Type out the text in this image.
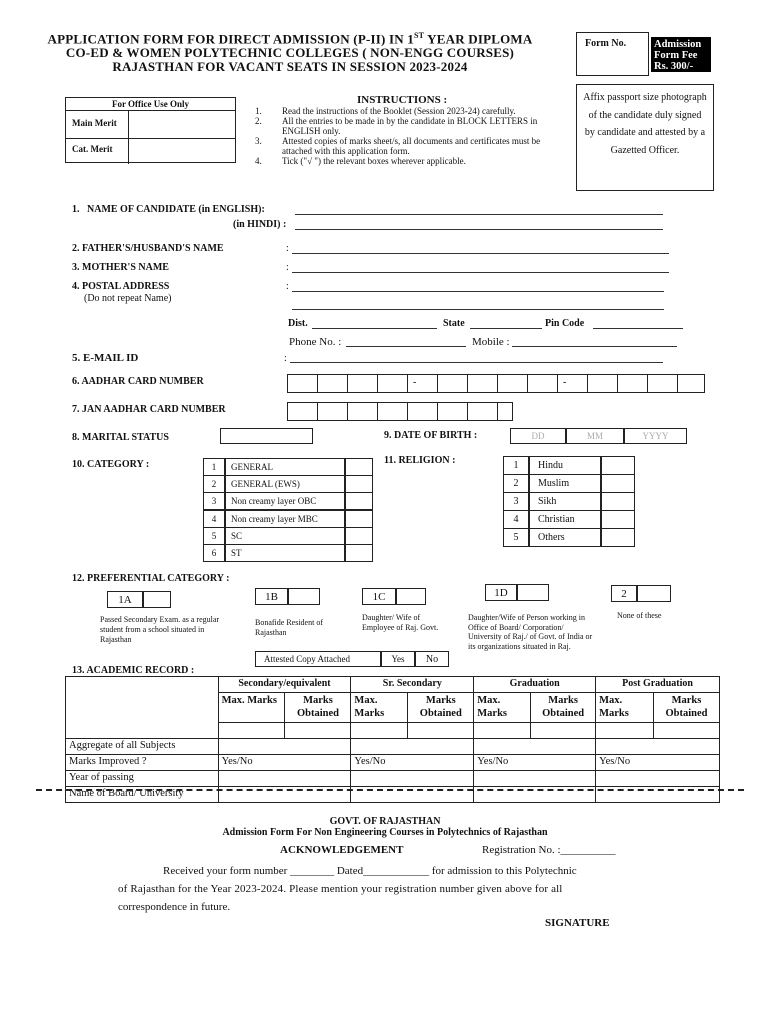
APPLICATION FORM FOR DIRECT ADMISSION (P-II) IN 1ST YEAR DIPLOMA
CO-ED & WOMEN POLYTECHNIC COLLEGES ( NON-ENGG COURSES)
RAJASTHAN FOR VACANT SEATS IN SESSION 2023-2024
Form No.	Admission
Form Fee
Rs. 300/-
For Office Use Only
Main Merit
Cat. Merit
INSTRUCTIONS :
1. Read the instructions of the Booklet (Session 2023-24) carefully.
2. All the entries to be made in by the candidate in BLOCK LETTERS in ENGLISH only.
3. Attested copies of marks sheet/s, all documents and certificates must be attached with this application form.
4. Tick ("√ ") the relevant boxes wherever applicable.
Affix passport size photograph of the candidate duly signed by candidate and attested by a Gazetted Officer.
1.   NAME OF CANDIDATE (in ENGLISH):
(in HINDI) :
2. FATHER'S/HUSBAND'S NAME	:
3. MOTHER'S NAME	:
4. POSTAL ADDRESS
(Do not repeat Name)
:
Dist.	State	Pin Code
Phone No. :	Mobile :
5. E-MAIL ID	:
6. AADHAR CARD NUMBER	-	-
7. JAN AADHAR CARD NUMBER
8. MARITAL STATUS	9. DATE OF BIRTH :	DD	MM	YYYY
10. CATEGORY :	1	GENERAL
2	GENERAL (EWS)
3	Non creamy layer OBC
4	Non creamy layer MBC
5	SC
6	ST
11. RELIGION :	1	Hindu
2	Muslim
3	Sikh
4	Christian
5	Others
12. PREFERENTIAL CATEGORY :
1A	1B	1C	1D	2
Passed Secondary Exam. as a regular student from a school situated in Rajasthan
Bonafide Resident of Rajasthan
Daughter/ Wife of Employee of Raj. Govt.
Daughter/Wife of Person working in Office of Board/ Corporation/ University of Raj./ of Govt. of India or its organizations situated in Raj.
None of these
Attested Copy Attached	Yes	No
13. ACADEMIC RECORD :
	Secondary/equivalent		Sr. Secondary		Graduation		Post Graduation	
	Max. Marks	Marks Obtained	Max. Marks	Marks Obtained	Max. Marks	Marks Obtained	Max. Marks	Marks Obtained

Aggregate of all Subjects								
Marks Improved ?	Yes/No		Yes/No		Yes/No		Yes/No	
Year of passing								
Name of Board/ University								
GOVT. OF RAJASTHAN
Admission Form For Non Engineering Courses in Polytechnics of Rajasthan
ACKNOWLEDGEMENT	Registration No. :__________
Received your form number ________ Dated____________ for admission to this Polytechnic
of Rajasthan for the Year 2023-2024. Please mention your registration number given above for all
correspondence in future.
SIGNATURE
